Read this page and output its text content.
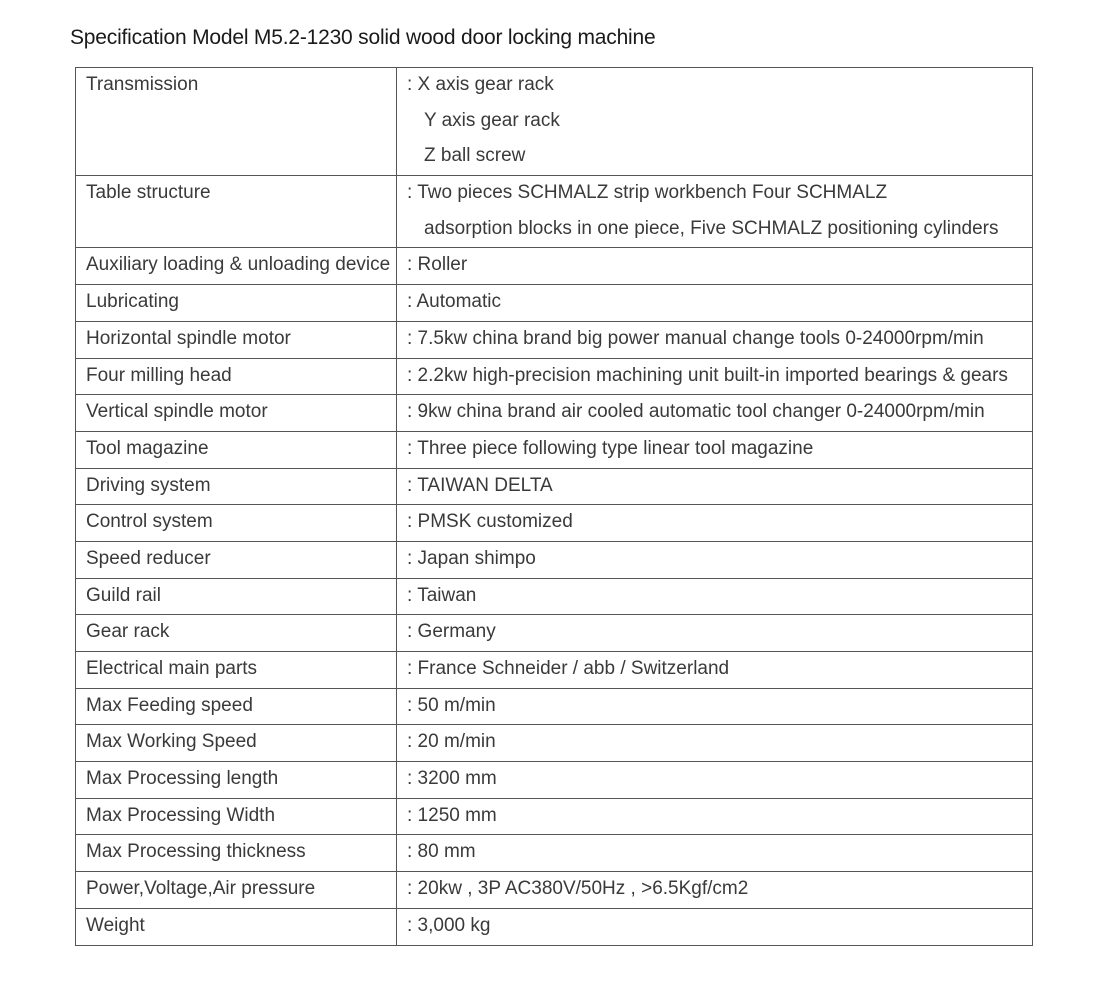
Specification Model M5.2-1230 solid wood door locking machine
Transmission	: X axis gear rack
Y axis gear rack
Z ball screw

Table structure	: Two pieces SCHMALZ strip workbench Four SCHMALZ
adsorption blocks in one piece, Five SCHMALZ positioning cylinders

Auxiliary loading & unloading device	: Roller

Lubricating	: Automatic

Horizontal spindle motor	: 7.5kw china brand big power manual change tools 0-24000rpm/min

Four milling head	: 2.2kw high-precision machining unit built-in imported bearings & gears

Vertical spindle motor	: 9kw china brand air cooled automatic tool changer 0-24000rpm/min

Tool magazine	: Three piece following type linear tool magazine

Driving system	: TAIWAN DELTA

Control system	: PMSK customized

Speed reducer	: Japan shimpo

Guild rail	: Taiwan

Gear rack	: Germany

Electrical main parts	: France Schneider / abb / Switzerland

Max Feeding speed	: 50 m/min

Max Working Speed	: 20 m/min

Max Processing length	: 3200 mm

Max Processing Width	: 1250 mm

Max Processing thickness	: 80 mm

Power,Voltage,Air pressure	: 20kw , 3P AC380V/50Hz , >6.5Kgf/cm2

Weight	: 3,000 kg
